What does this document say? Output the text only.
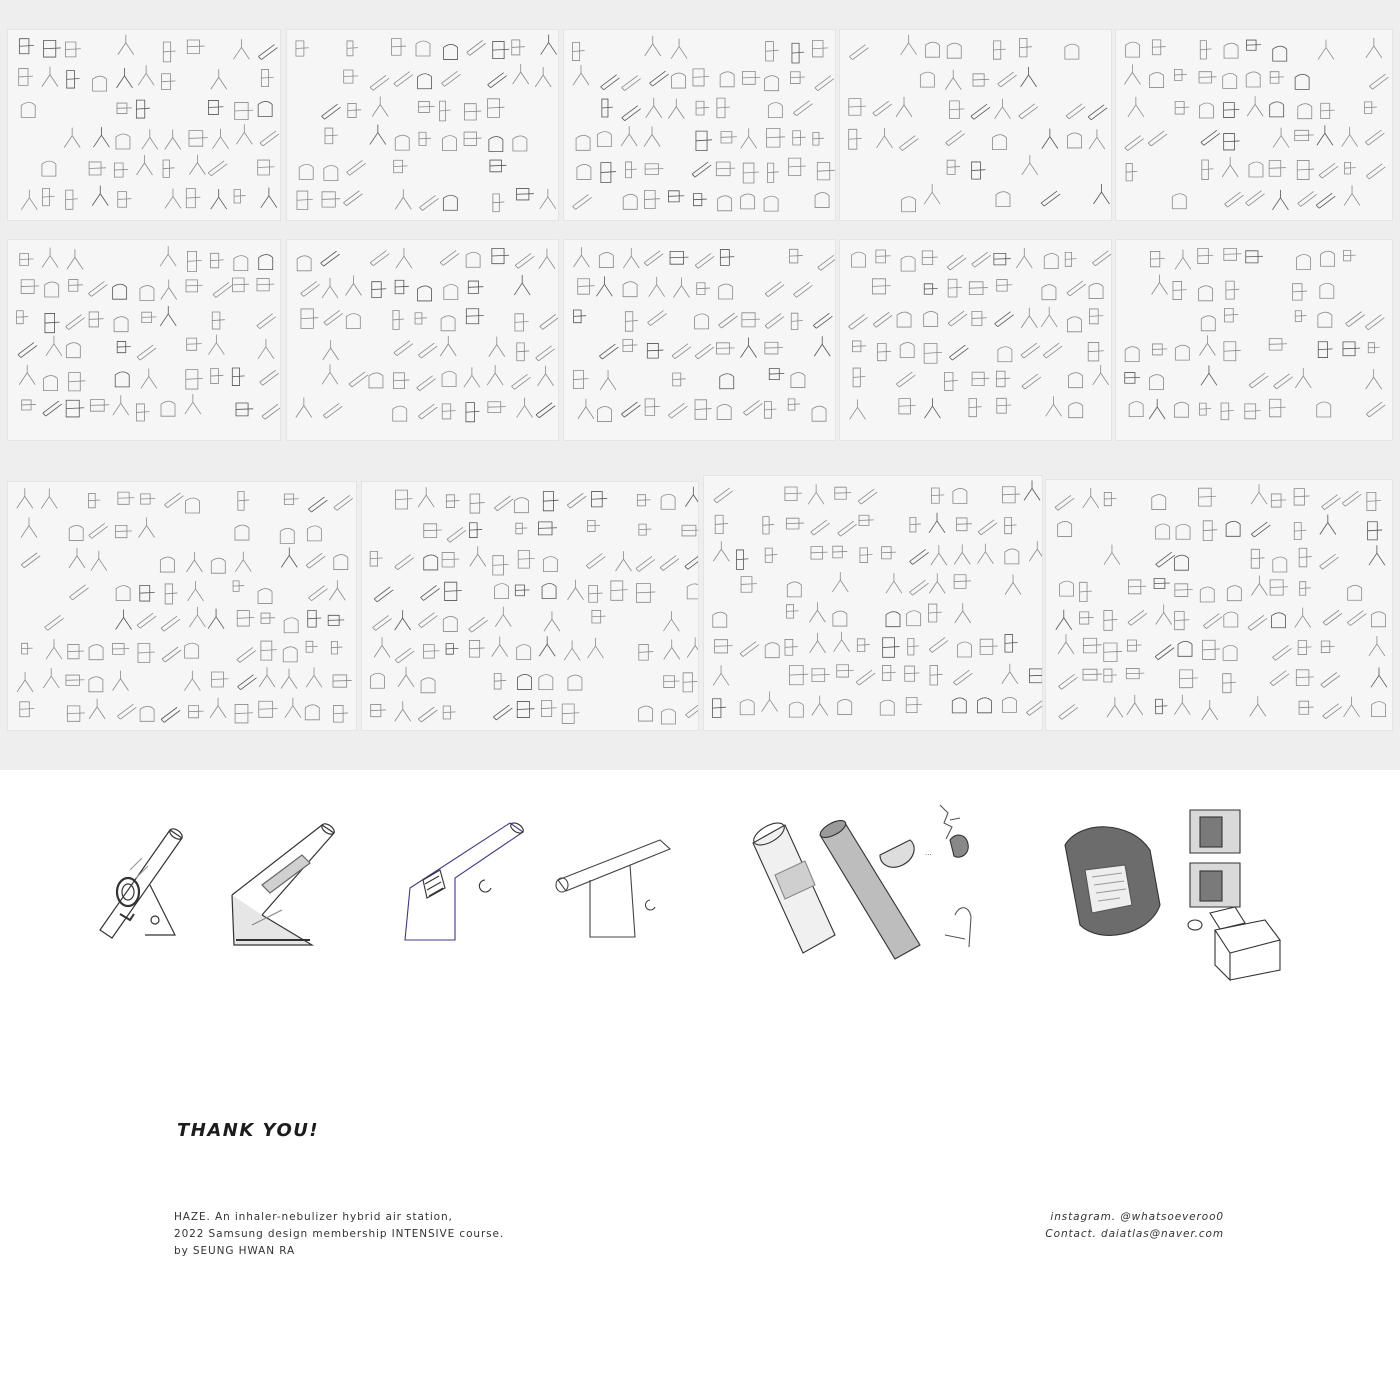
···
THANK YOU!
HAZE. An inhaler-nebulizer hybrid air station,
2022 Samsung design membership INTENSIVE course.
by SEUNG HWAN RA
instagram. @whatsoeveroo0
Contact. daiatlas@naver.com
